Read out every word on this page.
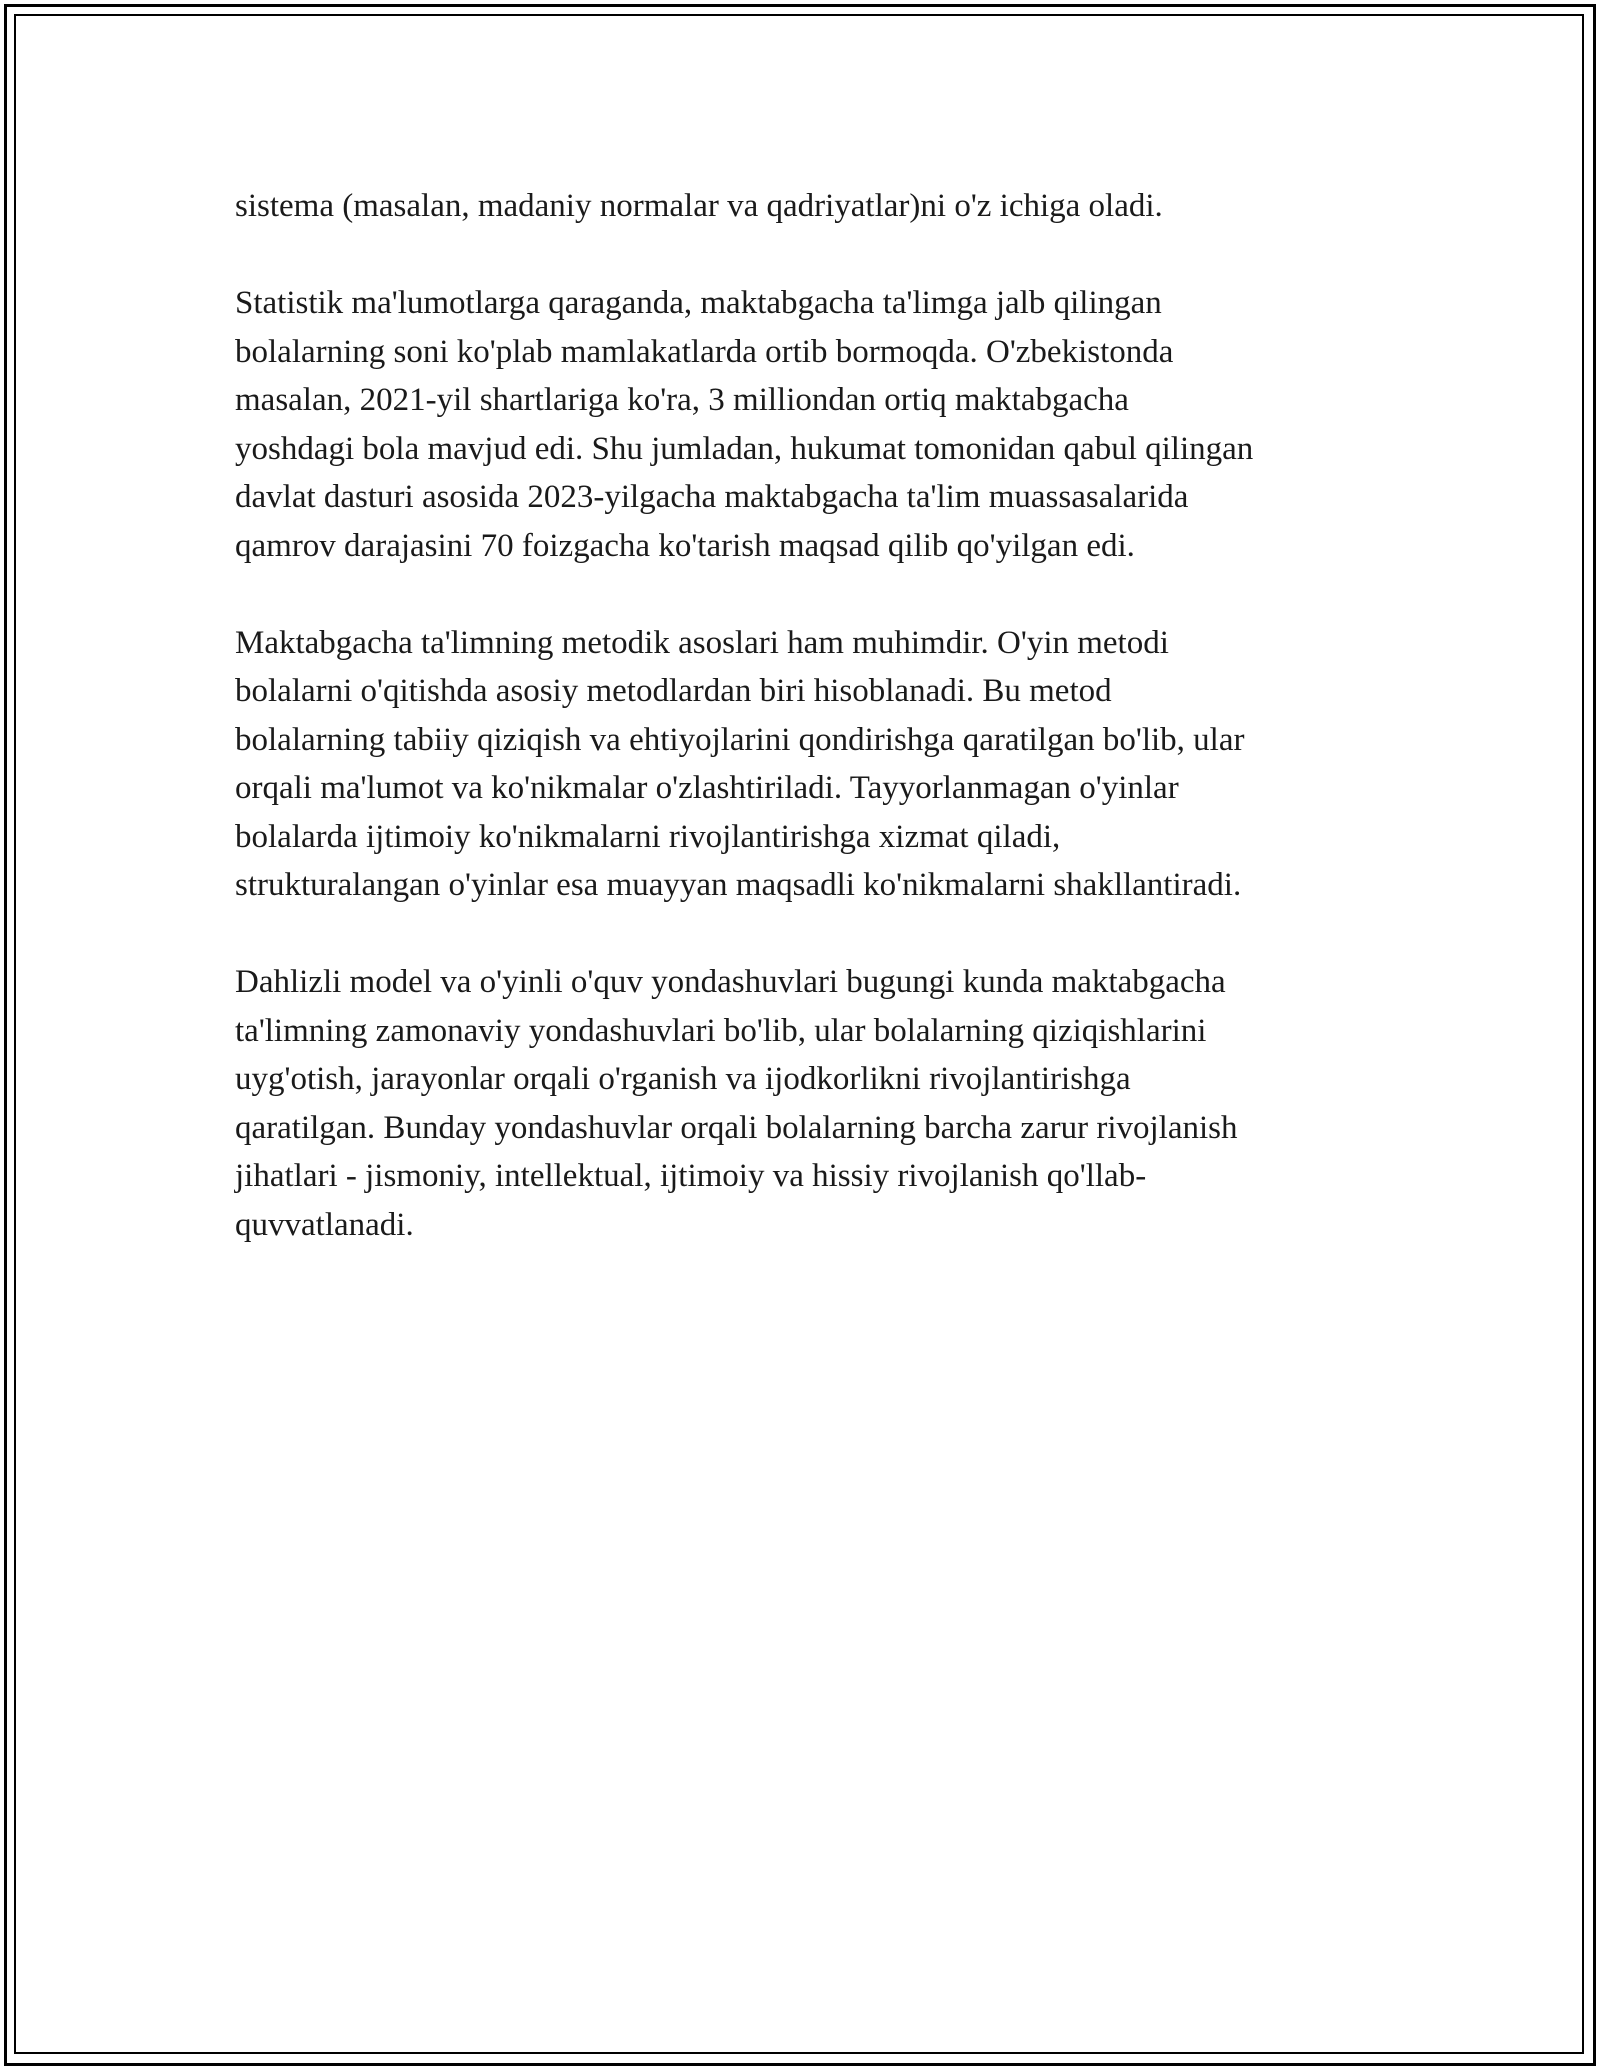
sistema (masalan, madaniy normalar va qadriyatlar)ni o'z ichiga oladi.

Statistik ma'lumotlarga qaraganda, maktabgacha ta'limga jalb qilingan
bolalarning soni ko'plab mamlakatlarda ortib bormoqda. O'zbekistonda
masalan, 2021-yil shartlariga ko'ra, 3 milliondan ortiq maktabgacha
yoshdagi bola mavjud edi. Shu jumladan, hukumat tomonidan qabul qilingan
davlat dasturi asosida 2023-yilgacha maktabgacha ta'lim muassasalarida
qamrov darajasini 70 foizgacha ko'tarish maqsad qilib qo'yilgan edi.

Maktabgacha ta'limning metodik asoslari ham muhimdir. O'yin metodi
bolalarni o'qitishda asosiy metodlardan biri hisoblanadi. Bu metod
bolalarning tabiiy qiziqish va ehtiyojlarini qondirishga qaratilgan bo'lib, ular
orqali ma'lumot va ko'nikmalar o'zlashtiriladi. Tayyorlanmagan o'yinlar
bolalarda ijtimoiy ko'nikmalarni rivojlantirishga xizmat qiladi,
strukturalangan o'yinlar esa muayyan maqsadli ko'nikmalarni shakllantiradi.

Dahlizli model va o'yinli o'quv yondashuvlari bugungi kunda maktabgacha
ta'limning zamonaviy yondashuvlari bo'lib, ular bolalarning qiziqishlarini
uyg'otish, jarayonlar orqali o'rganish va ijodkorlikni rivojlantirishga
qaratilgan. Bunday yondashuvlar orqali bolalarning barcha zarur rivojlanish
jihatlari - jismoniy, intellektual, ijtimoiy va hissiy rivojlanish qo'llab-
quvvatlanadi.
